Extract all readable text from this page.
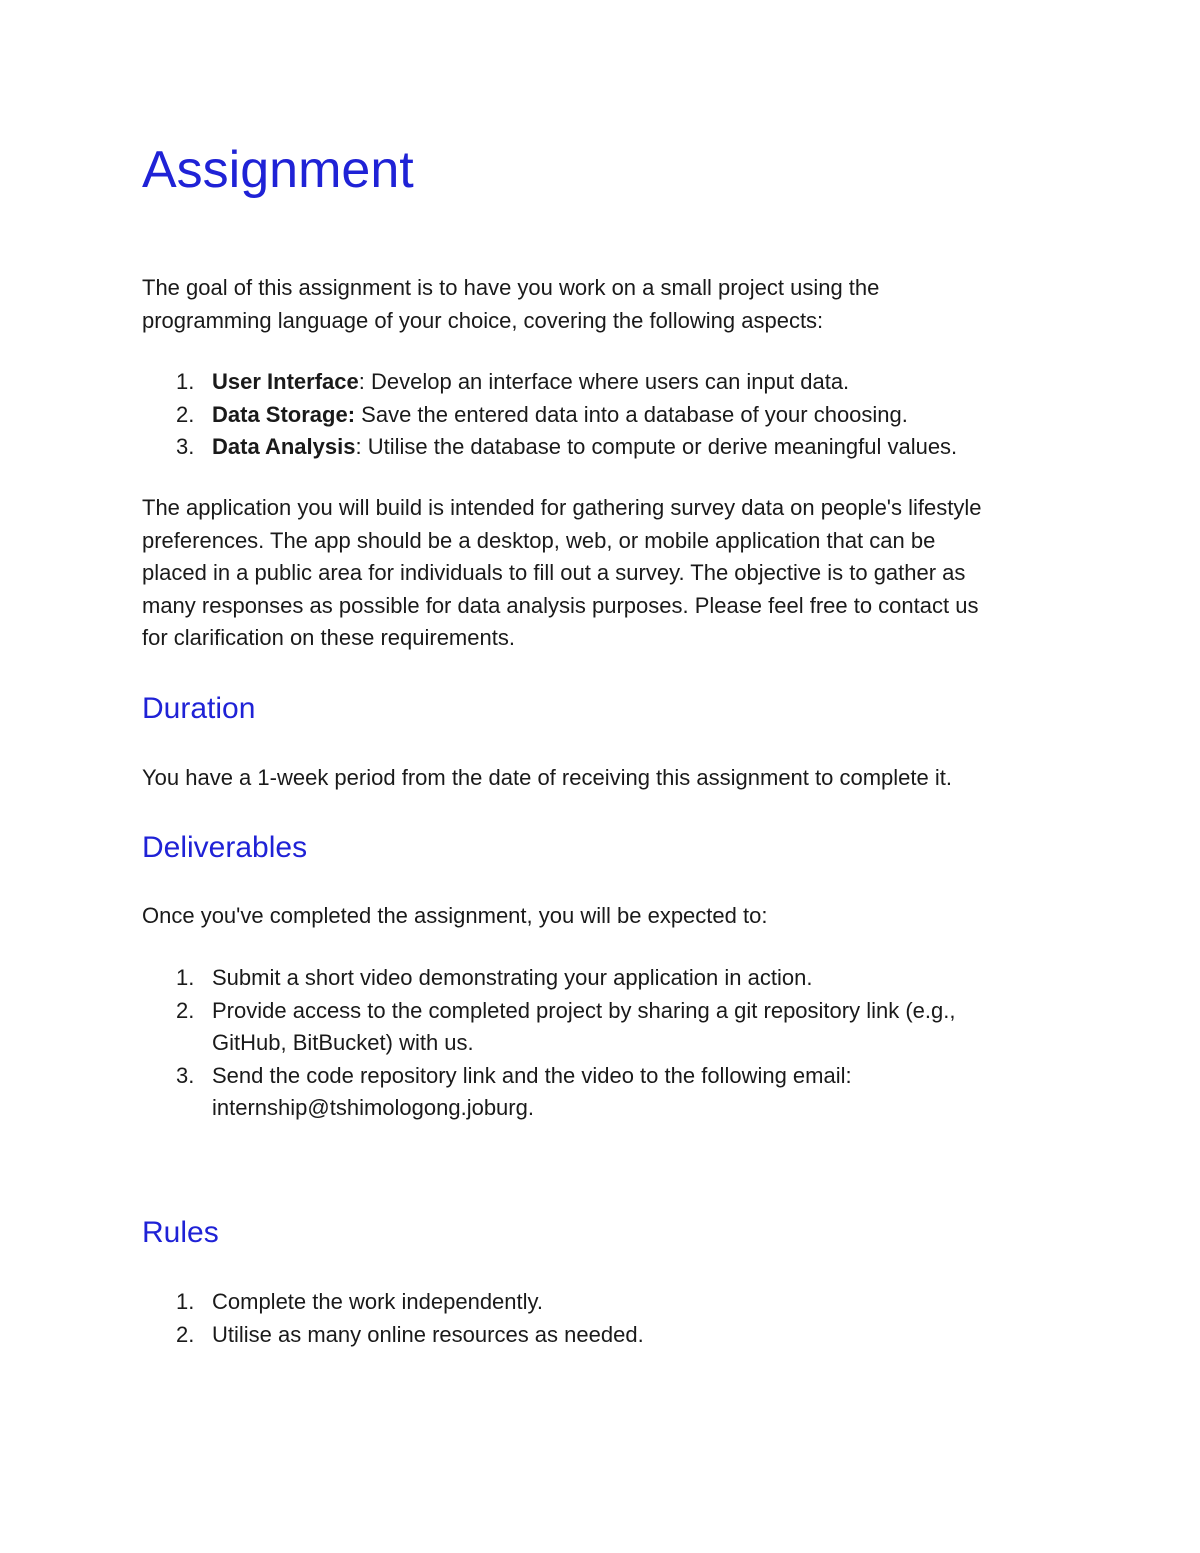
Assignment

The goal of this assignment is to have you work on a small project using the
programming language of your choice, covering the following aspects:

1. User Interface: Develop an interface where users can input data.
2. Data Storage: Save the entered data into a database of your choosing.
3. Data Analysis: Utilise the database to compute or derive meaningful values.

The application you will build is intended for gathering survey data on people's lifestyle
preferences. The app should be a desktop, web, or mobile application that can be
placed in a public area for individuals to fill out a survey. The objective is to gather as
many responses as possible for data analysis purposes. Please feel free to contact us
for clarification on these requirements.

Duration

You have a 1-week period from the date of receiving this assignment to complete it.

Deliverables

Once you've completed the assignment, you will be expected to:

1. Submit a short video demonstrating your application in action.
2. Provide access to the completed project by sharing a git repository link (e.g.,
GitHub, BitBucket) with us.
3. Send the code repository link and the video to the following email:
internship@tshimologong.joburg.
Rules
1. Complete the work independently.
2. Utilise as many online resources as needed.
